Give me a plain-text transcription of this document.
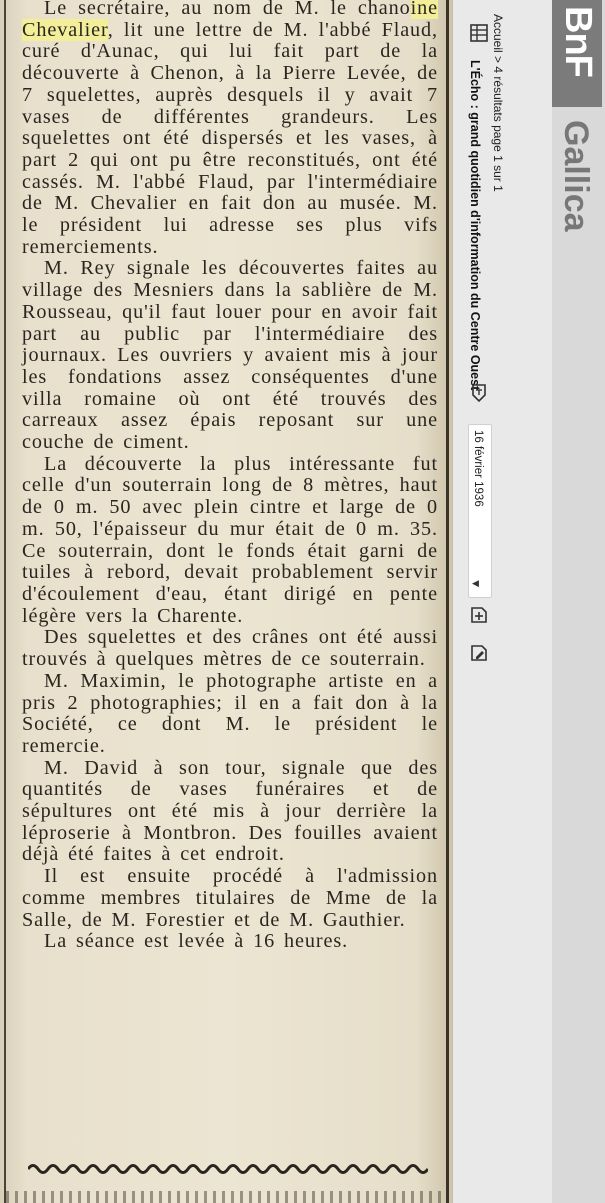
Le secrétaire, au nom de M. le chanoine Chevalier, lit une lettre de M. l'abbé Flaud, curé d'Aunac, qui lui fait part de la découverte à Chenon, à la Pierre Levée, de 7 squelettes, auprès desquels il y avait 7 vases de différentes grandeurs. Les squelettes ont été dispersés et les vases, à part 2 qui ont pu être reconstitués, ont été cassés. M. l'abbé Flaud, par l'intermédiaire de M. Chevalier en fait don au musée. M. le président lui adresse ses plus vifs remerciements.

M. Rey signale les découvertes faites au village des Mesniers dans la sablière de M. Rousseau, qu'il faut louer pour en avoir fait part au public par l'intermédiaire des journaux. Les ouvriers y avaient mis à jour les fondations assez conséquentes d'une villa romaine où ont été trouvés des carreaux assez épais reposant sur une couche de ciment.

La découverte la plus intéressante fut celle d'un souterrain long de 8 mètres, haut de 0 m. 50 avec plein cintre et large de 0 m. 50, l'épaisseur du mur était de 0 m. 35. Ce souterrain, dont le fonds était garni de tuiles à rebord, devait probablement servir d'écoulement d'eau, étant dirigé en pente légère vers la Charente.

Des squelettes et des crânes ont été aussi trouvés à quelques mètres de ce souterrain.

M. Maximin, le photographe artiste en a pris 2 photographies; il en a fait don à la Société, ce dont M. le président le remercie.

M. David à son tour, signale que des quantités de vases funéraires et de sépultures ont été mis à jour derrière la léproserie à Montbron. Des fouilles avaient déjà été faites à cet endroit.

Il est ensuite procédé à l'admission comme membres titulaires de Mme de la Salle, de M. Forestier et de M. Gauthier.

La séance est levée à 16 heures.

Accueil > 4 résultats page 1 sur 1
L'Écho : grand quotidien d'information du Centre Ouest
16 février 1936
◀
BnF
Gallica
